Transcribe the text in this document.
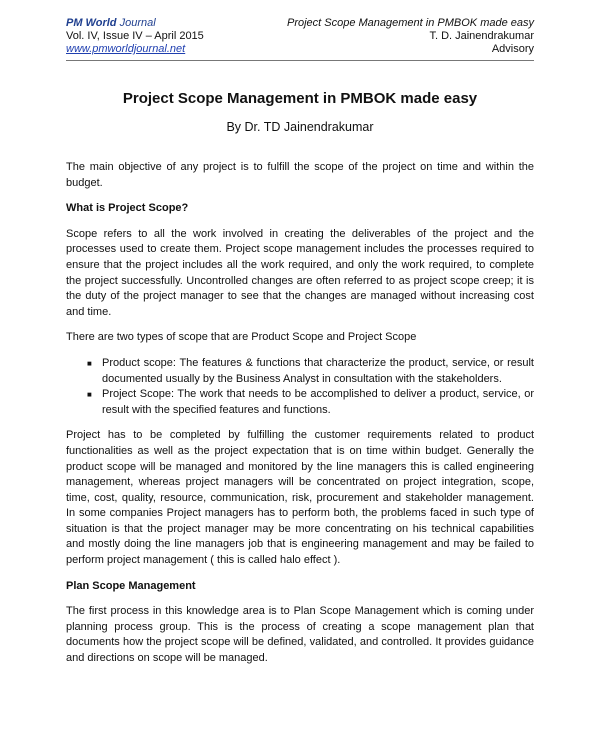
PM World Journal
Vol. IV, Issue IV – April 2015
www.pmworldjournal.net
Project Scope Management in PMBOK made easy
T. D. Jainendrakumar
Advisory
Project Scope Management in PMBOK made easy
By Dr. TD Jainendrakumar

The main objective of any project is to fulfill the scope of the project on time and within the budget.

What is Project Scope?

Scope refers to all the work involved in creating the deliverables of the project and the processes used to create them. Project scope management includes the processes required to ensure that the project includes all the work required, and only the work required, to complete the project successfully. Uncontrolled changes are often referred to as project scope creep; it is the duty of the project manager to see that the changes are managed without increasing cost and time.

There are two types of scope that are Product Scope and Project Scope

■ Product scope: The features & functions that characterize the product, service, or result documented usually by the Business Analyst in consultation with the stakeholders.
■ Project Scope: The work that needs to be accomplished to deliver a product, service, or result with the specified features and functions.

Project has to be completed by fulfilling the customer requirements related to product functionalities as well as the project expectation that is on time within budget. Generally the product scope will be managed and monitored by the line managers this is called engineering management, whereas project managers will be concentrated on project integration, scope, time, cost, quality, resource, communication, risk, procurement and stakeholder management. In some companies Project managers has to perform both, the problems faced in such type of situation is that the project manager may be more concentrating on his technical capabilities and mostly doing the line managers job that is engineering management and may be failed to perform project management ( this is called halo effect ).

Plan Scope Management

The first process in this knowledge area is to Plan Scope Management which is coming under planning process group. This is the process of creating a scope management plan that documents how the project scope will be defined, validated, and controlled. It provides guidance and directions on scope will be managed.
